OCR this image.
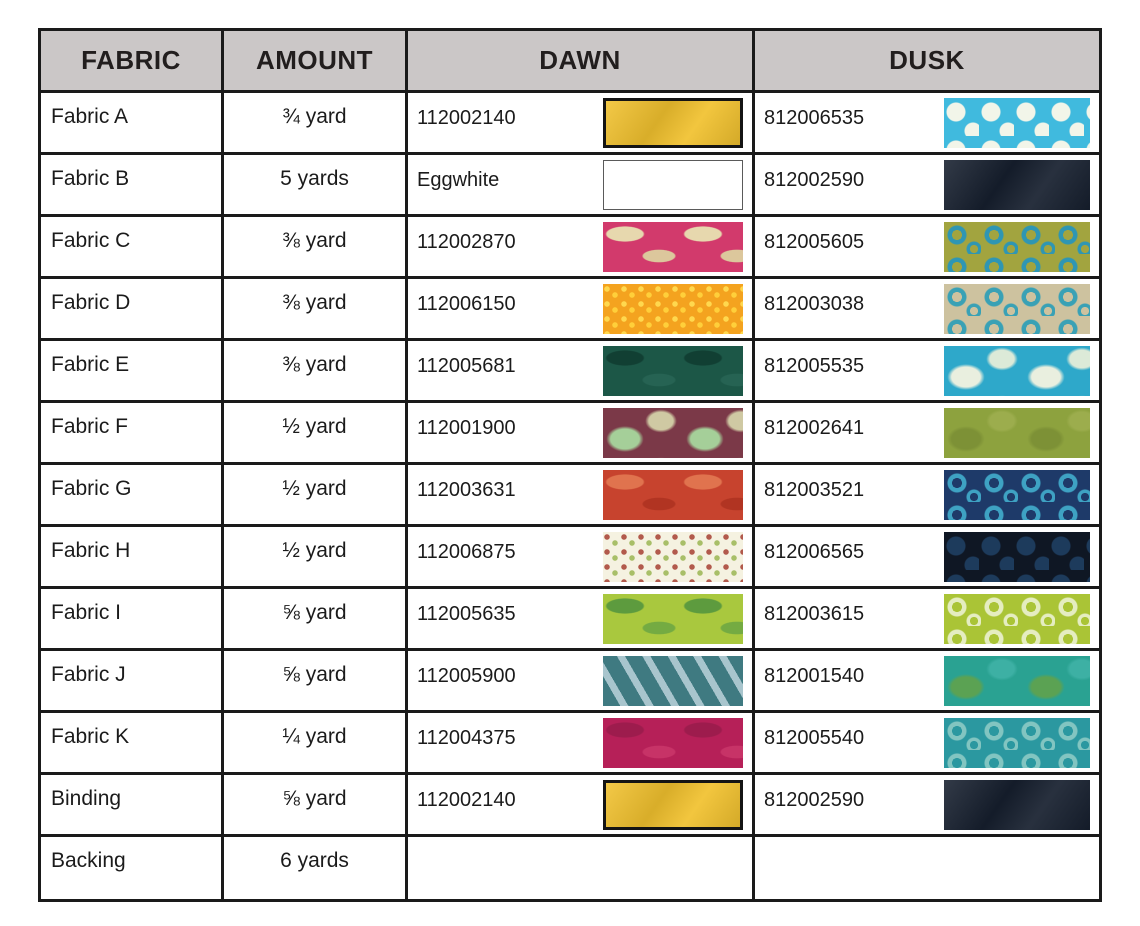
FABRIC	AMOUNT	DAWN	DUSK
Fabric A	¾ yard	112002140	812006535
Fabric B	5 yards	Eggwhite	812002590
Fabric C	⅜ yard	112002870	812005605
Fabric D	⅜ yard	112006150	812003038
Fabric E	⅜ yard	112005681	812005535
Fabric F	½ yard	112001900	812002641
Fabric G	½ yard	112003631	812003521
Fabric H	½ yard	112006875	812006565
Fabric I	⅝ yard	112005635	812003615
Fabric J	⅝ yard	112005900	812001540
Fabric K	¼ yard	112004375	812005540
Binding	⅝ yard	112002140	812002590
Backing	6 yards
